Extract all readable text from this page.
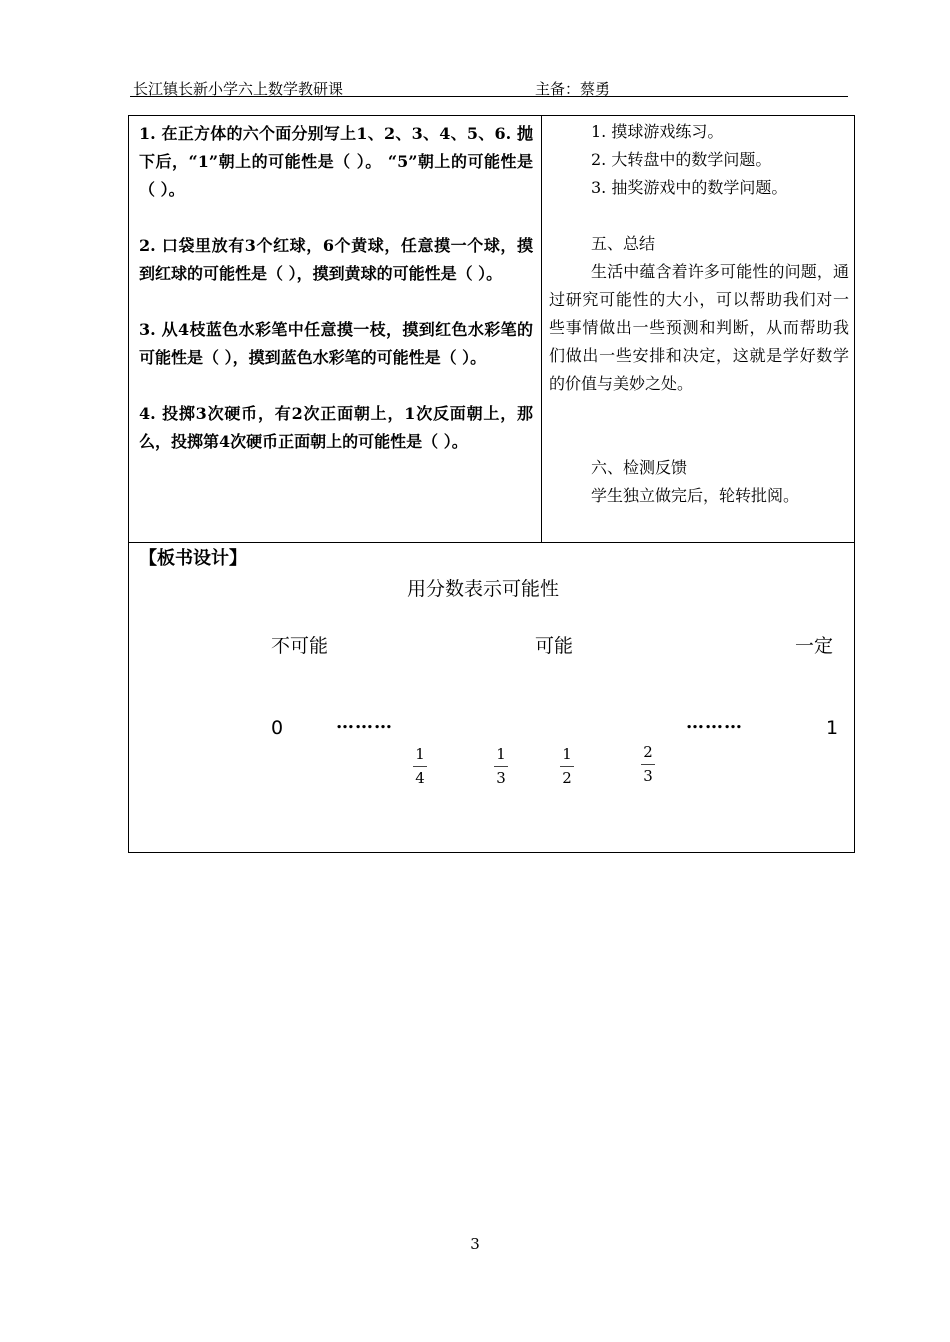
长江镇长新小学六上数学教研课	主备：蔡勇

1. 在正方体的六个面分别写上1、2、3、4、5、6. 抛下后，“1”朝上的可能性是（ ）。 “5”朝上的可能性是（ ）。

2. 口袋里放有3个红球，6个黄球，任意摸一个球，摸到红球的可能性是（ ），摸到黄球的可能性是（ ）。

3. 从4枝蓝色水彩笔中任意摸一枝，摸到红色水彩笔的可能性是（ ），摸到蓝色水彩笔的可能性是（ ）。

4. 投掷3次硬币，有2次正面朝上，1次反面朝上，那么，投掷第4次硬币正面朝上的可能性是（ ）。

1. 摸球游戏练习。

2. 大转盘中的数学问题。

3. 抽奖游戏中的数学问题。

五、总结

生活中蕴含着许多可能性的问题，通过研究可能性的大小，可以帮助我们对一些事情做出一些预测和判断，从而帮助我们做出一些安排和决定，这就是学好数学的价值与美妙之处。

六、检测反馈

学生独立做完后，轮转批阅。

【板书设计】
用分数表示可能性
不可能	可能	一定
0	………	………	1
1
4
1
3
1
2
2
3
3
